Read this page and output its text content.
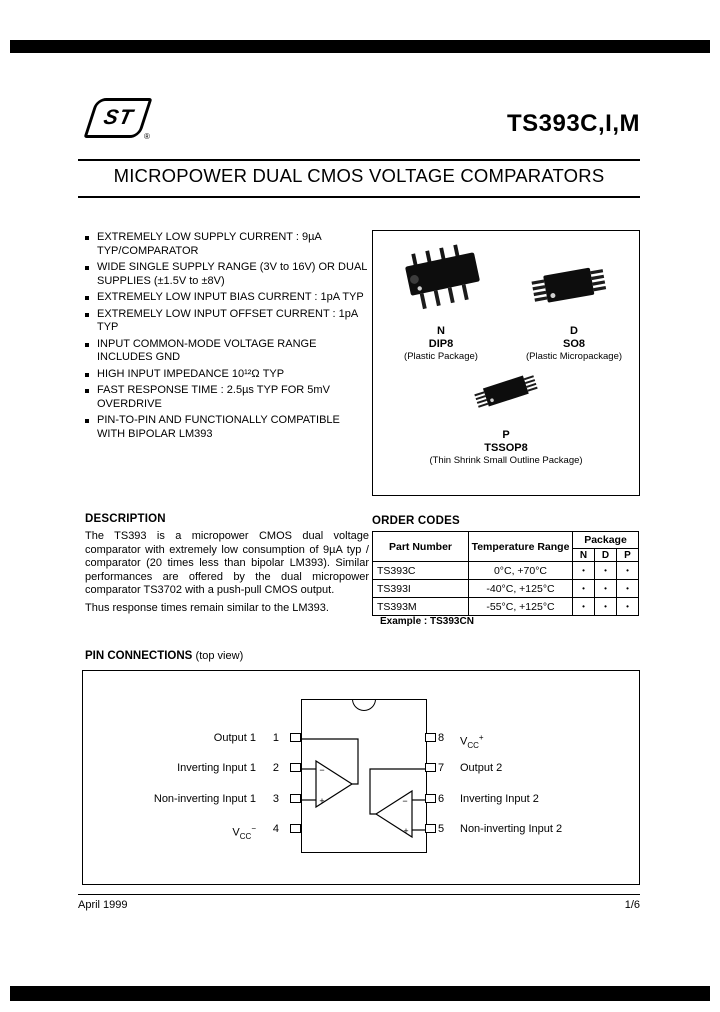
ST
®	TS393C,I,M
MICROPOWER DUAL CMOS VOLTAGE COMPARATORS
EXTREMELY LOW SUPPLY CURRENT : 9µA TYP/COMPARATOR
WIDE SINGLE SUPPLY RANGE (3V to 16V) OR DUAL SUPPLIES (±1.5V to ±8V)
EXTREMELY LOW INPUT BIAS CURRENT : 1pA TYP
EXTREMELY LOW INPUT OFFSET CURRENT : 1pA TYP
INPUT COMMON-MODE VOLTAGE RANGE INCLUDES GND
HIGH INPUT IMPEDANCE 10¹²Ω TYP
FAST RESPONSE TIME : 2.5µs TYP FOR 5mV OVERDRIVE
PIN-TO-PIN AND FUNCTIONALLY COMPATIBLE WITH BIPOLAR LM393
N
DIP8
(Plastic Package)
D
SO8
(Plastic Micropackage)
P
TSSOP8
(Thin Shrink Small Outline Package)
DESCRIPTION
The TS393 is a micropower CMOS dual voltage comparator with extremely low consumption of 9µA typ / comparator (20 times less than bipolar LM393). Similar performances are offered by the dual micropower comparator TS3702 with a push-pull CMOS output.
Thus response times remain similar to the LM393.
ORDER CODES
Part Number	Temperature Range	Package		
		N	D	P
TS393C	0°C, +70°C	•	•	•
TS393I	-40°C, +125°C	•	•	•
TS393M	-55°C, +125°C	•	•	•
Example : TS393CN
PIN CONNECTIONS (top view)
−
+	−
+
Output 1	1
Inverting Input 1	2
Non-inverting Input 1	3
$V_{CC}^-$	4
8	$V_{CC}^+$
7	Output 2
6	Inverting Input 2
5	Non-inverting Input 2
April 1999	1/6
